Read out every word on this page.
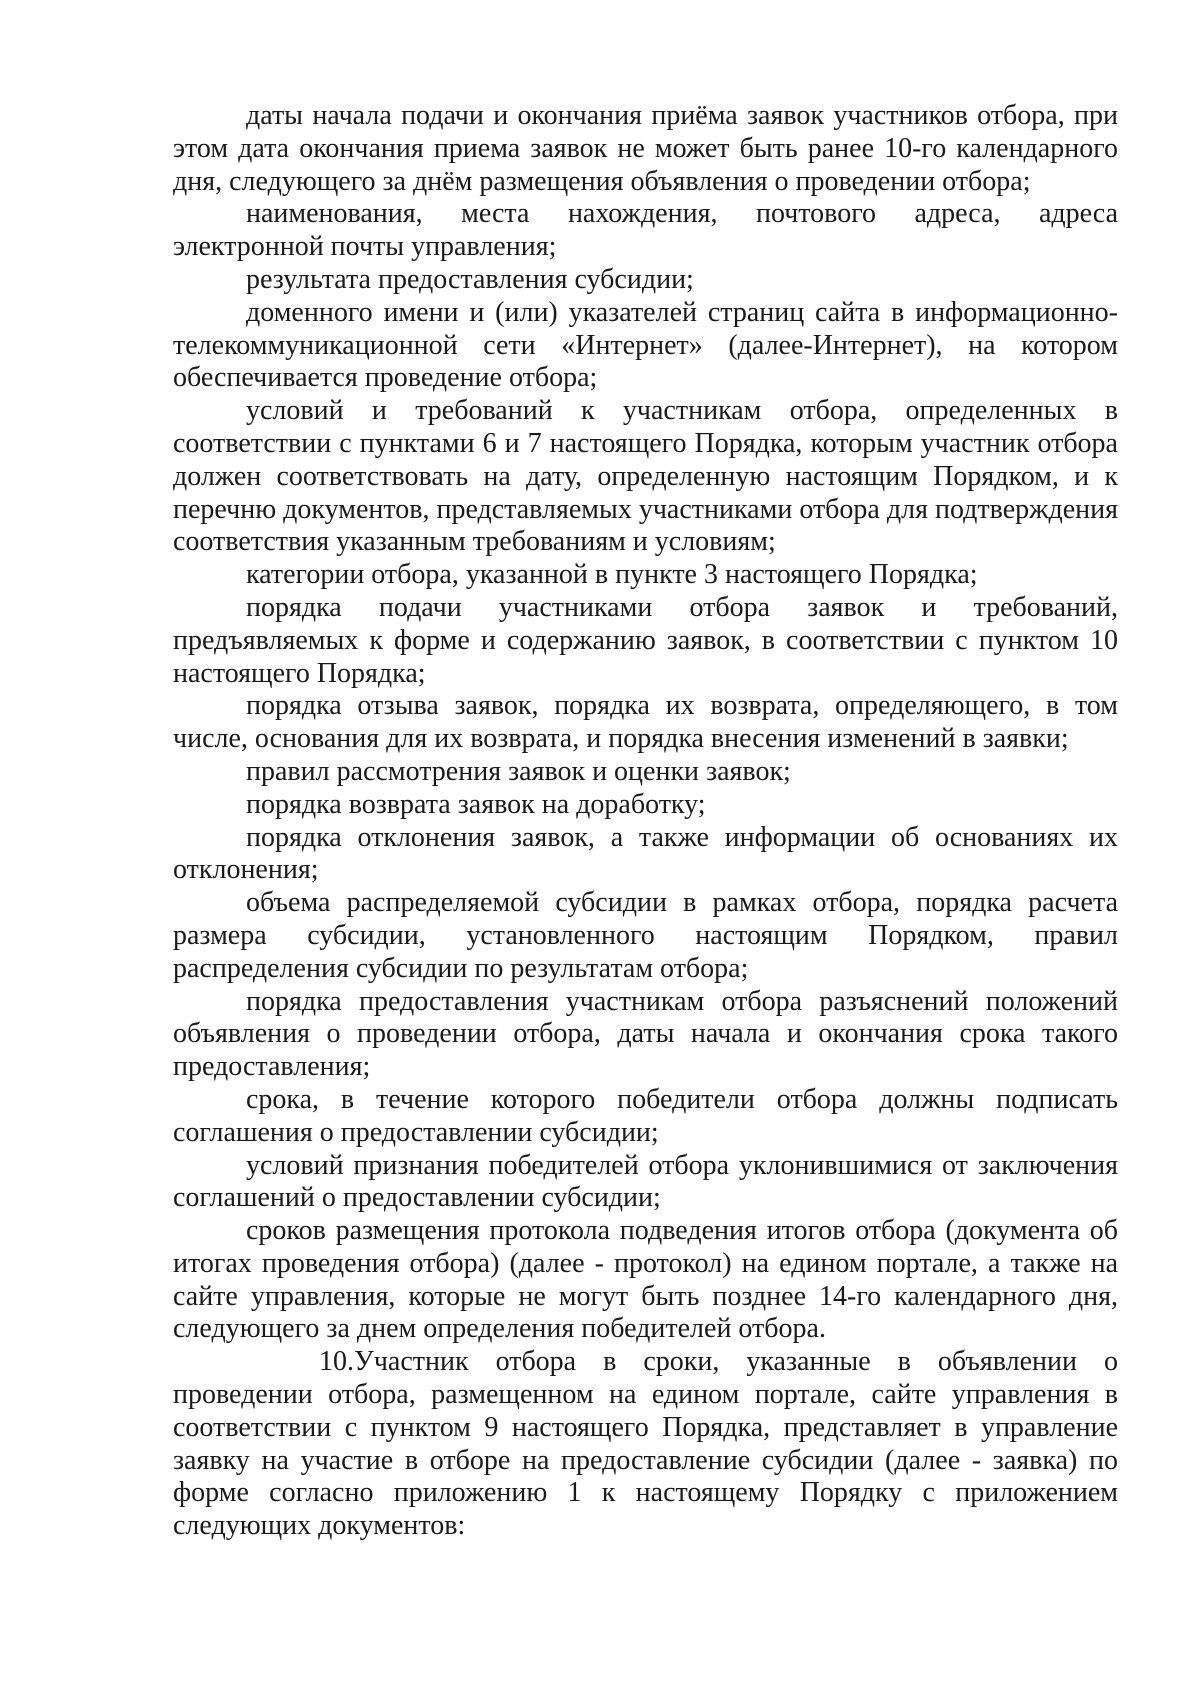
даты начала подачи и окончания приёма заявок участников отбора, при этом дата окончания приема заявок не может быть ранее 10-го календарного дня, следующего за днём размещения объявления о проведении отбора;

наименования, места нахождения, почтового адреса, адреса электронной почты управления;

результата предоставления субсидии;

доменного имени и (или) указателей страниц сайта в информационно-телекоммуникационной сети «Интернет» (далее-Интернет), на котором обеспечивается проведение отбора;

условий и требований к участникам отбора, определенных в соответствии с пунктами 6 и 7 настоящего Порядка, которым участник отбора должен соответствовать на дату, определенную настоящим Порядком, и к перечню документов, представляемых участниками отбора для подтверждения соответствия указанным требованиям и условиям;

категории отбора, указанной в пункте 3 настоящего Порядка;

порядка подачи участниками отбора заявок и требований, предъявляемых к форме и содержанию заявок, в соответствии с пунктом 10 настоящего Порядка;

порядка отзыва заявок, порядка их возврата, определяющего, в том числе, основания для их возврата, и порядка внесения изменений в заявки;

правил рассмотрения заявок и оценки заявок;

порядка возврата заявок на доработку;

порядка отклонения заявок, а также информации об основаниях их отклонения;

объема распределяемой субсидии в рамках отбора, порядка расчета размера субсидии, установленного настоящим Порядком, правил распределения субсидии по результатам отбора;

порядка предоставления участникам отбора разъяснений положений объявления о проведении отбора, даты начала и окончания срока такого предоставления;

срока, в течение которого победители отбора должны подписать соглашения о предоставлении субсидии;

условий признания победителей отбора уклонившимися от заключения соглашений о предоставлении субсидии;

сроков размещения протокола подведения итогов отбора (документа об итогах проведения отбора) (далее - протокол) на едином портале, а также на сайте управления, которые не могут быть позднее 14-го календарного дня, следующего за днем определения победителей отбора.

10.Участник отбора в сроки, указанные в объявлении о проведении отбора, размещенном на едином портале, сайте управления в соответствии с пунктом 9 настоящего Порядка, представляет в управление заявку на участие в отборе на предоставление субсидии (далее - заявка) по форме согласно приложению 1 к настоящему Порядку с приложением следующих документов:
